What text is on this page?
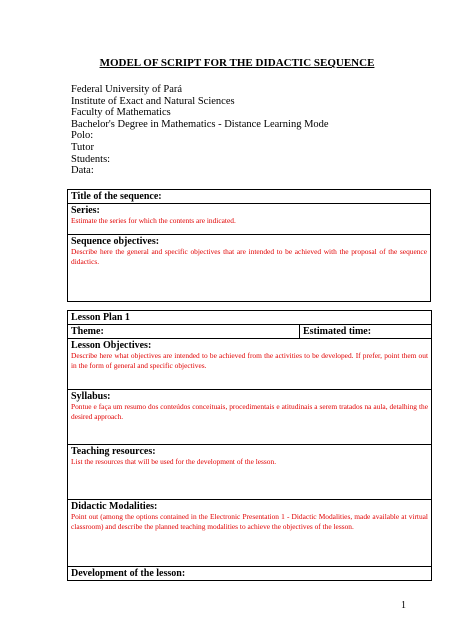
MODEL OF SCRIPT FOR THE DIDACTIC SEQUENCE
Federal University of Pará
Institute of Exact and Natural Sciences
Faculty of Mathematics
Bachelor's Degree in Mathematics - Distance Learning Mode
Polo:
Tutor
Students:
Data:
Title of the sequence:

Series:
Estimate the series for which the contents are indicated.

Sequence objectives:
Describe here the general and specific objectives that are intended to be achieved with the proposal of the sequence didactics.
Lesson Plan 1
Theme:	Estimated time:

Lesson Objectives:
Describe here what objectives are intended to be achieved from the activities to be developed. If prefer, point them out in the form of general and specific objectives.

Syllabus:
Pontue e faça um resumo dos conteúdos conceituais, procedimentais e atitudinais a serem tratados na aula, detalhing the desired approach.

Teaching resources:
List the resources that will be used for the development of the lesson.

Didactic Modalities:
Point out (among the options contained in the Electronic Presentation 1 - Didactic Modalities, made available at virtual classroom) and describe the planned teaching modalities to achieve the objectives of the lesson.

Development of the lesson:
1
